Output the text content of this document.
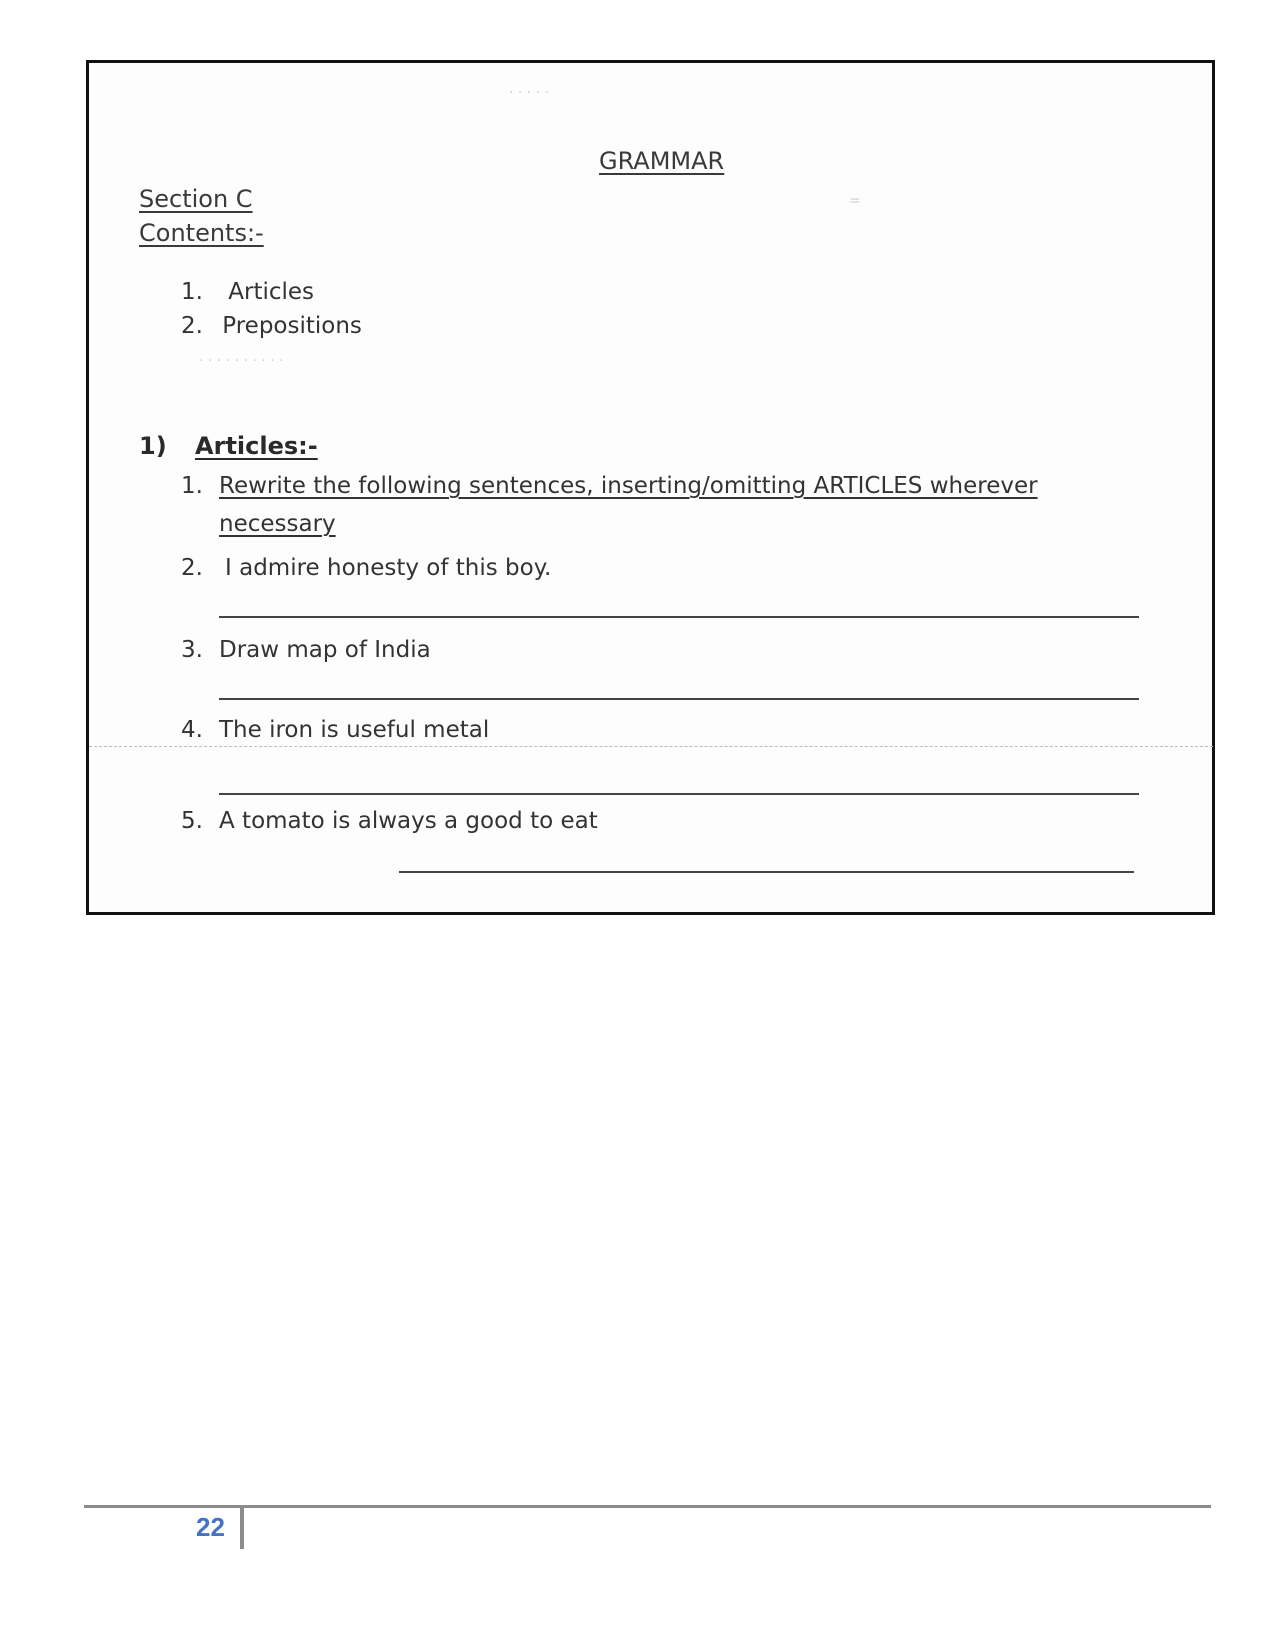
· · · · ·
=
· · · · · · · · · ·
GRAMMAR
Section C
Contents:-
1. Articles
2. Prepositions
1) Articles:-
1. Rewrite the following sentences, inserting/omitting ARTICLES wherever
necessary
2. I admire honesty of this boy.
3. Draw map of India
4. The iron is useful metal
5. A tomato is always a good to eat
22
